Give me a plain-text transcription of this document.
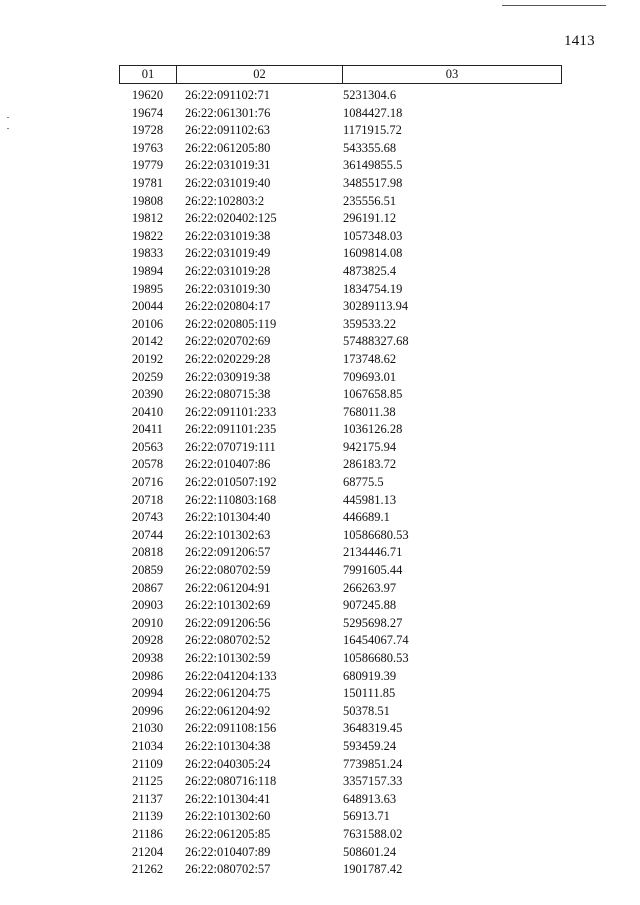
1413
01	02	03
19620	26:22:091102:71	5231304.6
19674	26:22:061301:76	1084427.18
19728	26:22:091102:63	1171915.72
19763	26:22:061205:80	543355.68
19779	26:22:031019:31	36149855.5
19781	26:22:031019:40	3485517.98
19808	26:22:102803:2	235556.51
19812	26:22:020402:125	296191.12
19822	26:22:031019:38	1057348.03
19833	26:22:031019:49	1609814.08
19894	26:22:031019:28	4873825.4
19895	26:22:031019:30	1834754.19
20044	26:22:020804:17	30289113.94
20106	26:22:020805:119	359533.22
20142	26:22:020702:69	57488327.68
20192	26:22:020229:28	173748.62
20259	26:22:030919:38	709693.01
20390	26:22:080715:38	1067658.85
20410	26:22:091101:233	768011.38
20411	26:22:091101:235	1036126.28
20563	26:22:070719:111	942175.94
20578	26:22:010407:86	286183.72
20716	26:22:010507:192	68775.5
20718	26:22:110803:168	445981.13
20743	26:22:101304:40	446689.1
20744	26:22:101302:63	10586680.53
20818	26:22:091206:57	2134446.71
20859	26:22:080702:59	7991605.44
20867	26:22:061204:91	266263.97
20903	26:22:101302:69	907245.88
20910	26:22:091206:56	5295698.27
20928	26:22:080702:52	16454067.74
20938	26:22:101302:59	10586680.53
20986	26:22:041204:133	680919.39
20994	26:22:061204:75	150111.85
20996	26:22:061204:92	50378.51
21030	26:22:091108:156	3648319.45
21034	26:22:101304:38	593459.24
21109	26:22:040305:24	7739851.24
21125	26:22:080716:118	3357157.33
21137	26:22:101304:41	648913.63
21139	26:22:101302:60	56913.71
21186	26:22:061205:85	7631588.02
21204	26:22:010407:89	508601.24
21262	26:22:080702:57	1901787.42
